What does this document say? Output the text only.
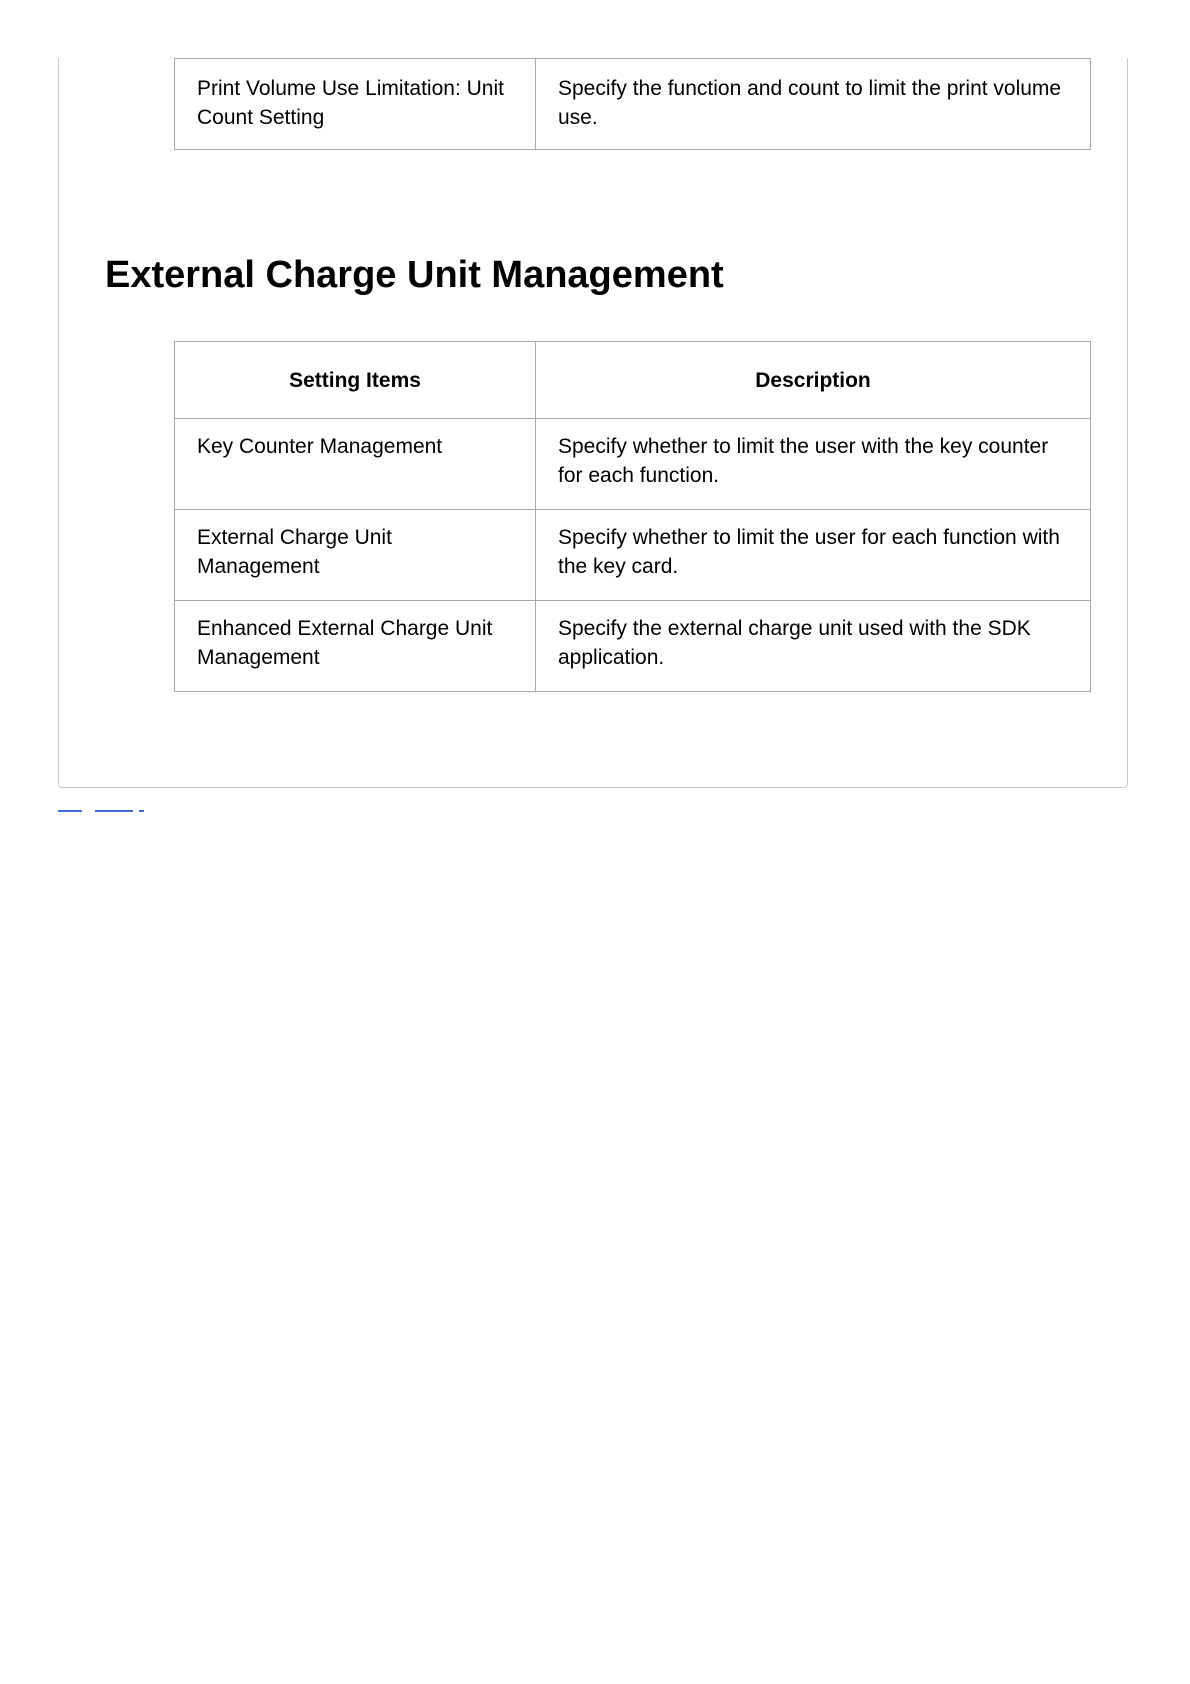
Print Volume Use Limitation: Unit Count Setting	Specify the function and count to limit the print volume use.
External Charge Unit Management
Setting Items	Description
Key Counter Management	Specify whether to limit the user with the key counter for each function.
External Charge Unit Management	Specify whether to limit the user for each function with the key card.
Enhanced External Charge Unit Management	Specify the external charge unit used with the SDK application.
